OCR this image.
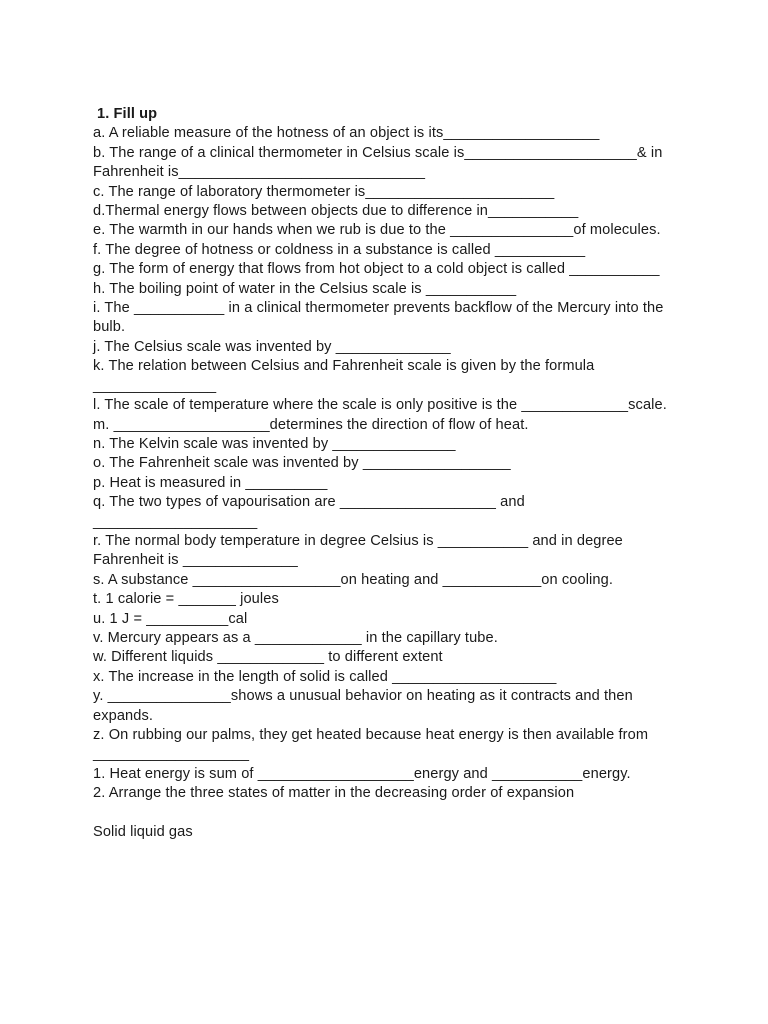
1. Fill up

a. A reliable measure of the hotness of an object is its___________________

b. The range of a clinical thermometer in Celsius scale is_____________________& in Fahrenheit is______________________________

c. The range of laboratory thermometer is_______________________

d.Thermal energy flows between objects due to difference in___________

e. The warmth in our hands when we rub is due to the _______________of molecules.

f. The degree of hotness or coldness in a substance is called ___________

g. The form of energy that flows from hot object to a cold object is called ___________

h. The boiling point of water in the Celsius scale is ___________

i. The ___________ in a clinical thermometer prevents backflow of the Mercury into the bulb.

j. The Celsius scale was invented by ______________

k. The relation between Celsius and Fahrenheit scale is given by the formula _______________

l. The scale of temperature where the scale is only positive is the _____________scale.

m. ___________________determines the direction of flow of heat.

n. The Kelvin scale was invented by _______________

o. The Fahrenheit scale was invented by __________________

p. Heat is measured in __________

q. The two types of vapourisation are ___________________ and ____________________

r. The normal body temperature in degree Celsius is ___________ and in degree Fahrenheit is ______________

s. A substance __________________on heating and ____________on cooling.

t. 1 calorie = _______ joules

u. 1 J = __________cal

v. Mercury appears as a _____________ in the capillary tube.

w. Different liquids _____________ to different extent

x. The increase in the length of solid is called ____________________

y. _______________shows a unusual behavior on heating as it contracts and then expands.

z. On rubbing our palms, they get heated because heat energy is then available from ___________________

1. Heat energy is sum of ___________________energy and ___________energy.

2. Arrange the three states of matter in the decreasing order of expansion

Solid liquid gas
